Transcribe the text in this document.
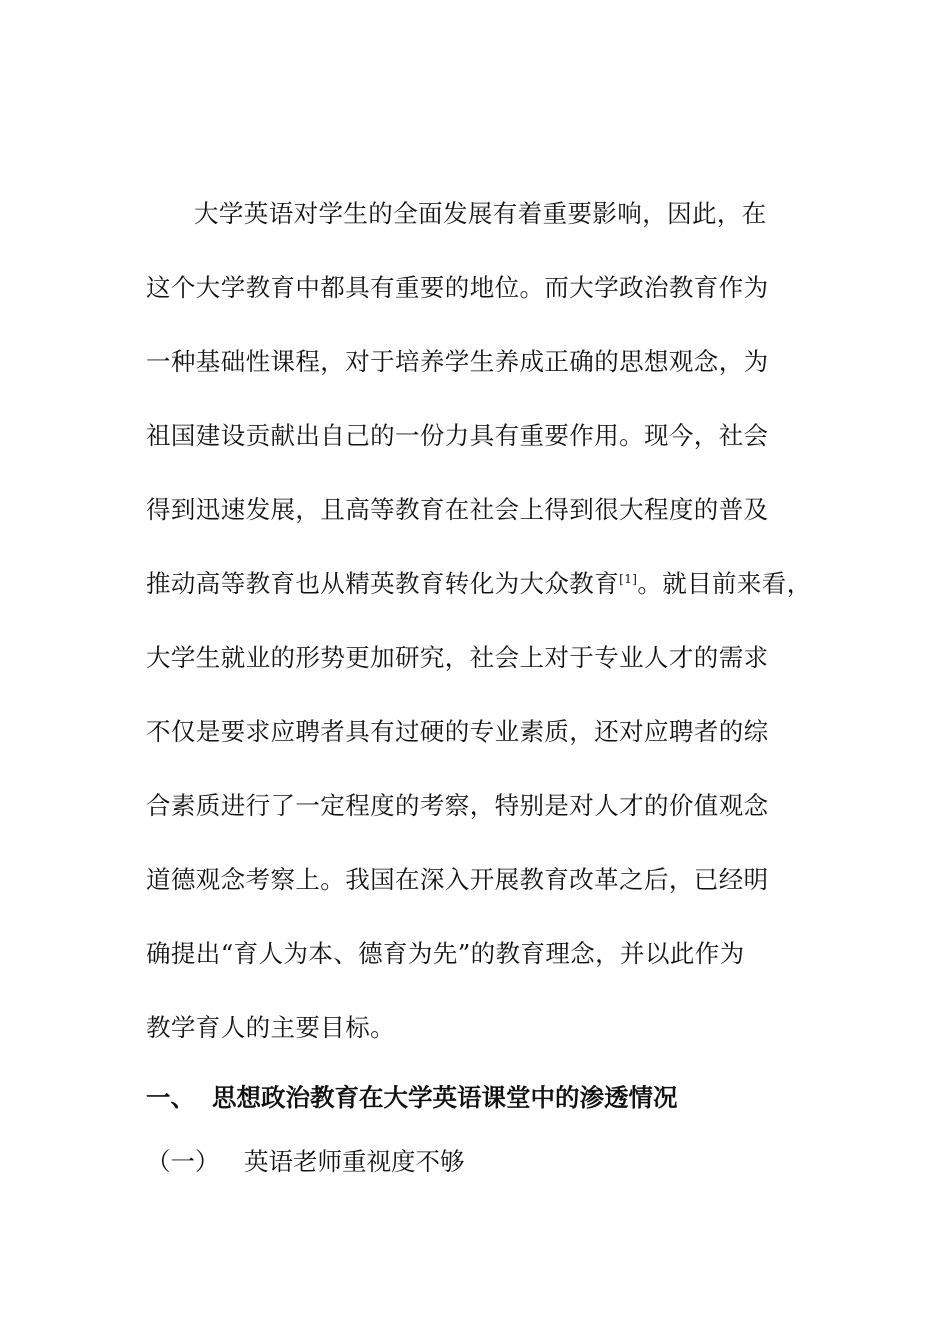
大学英语对学生的全面发展有着重要影响，因此，在
这个大学教育中都具有重要的地位。而大学政治教育作为
一种基础性课程，对于培养学生养成正确的思想观念，为
祖国建设贡献出自己的一份力具有重要作用。现今，社会
得到迅速发展，且高等教育在社会上得到很大程度的普及
推动高等教育也从精英教育转化为大众教育[1]。就目前来看，
大学生就业的形势更加研究，社会上对于专业人才的需求
不仅是要求应聘者具有过硬的专业素质，还对应聘者的综
合素质进行了一定程度的考察，特别是对人才的价值观念
道德观念考察上。我国在深入开展教育改革之后，已经明
确提出“育人为本、德育为先”的教育理念，并以此作为
教学育人的主要目标。
一、 思想政治教育在大学英语课堂中的渗透情况
（一） 英语老师重视度不够
